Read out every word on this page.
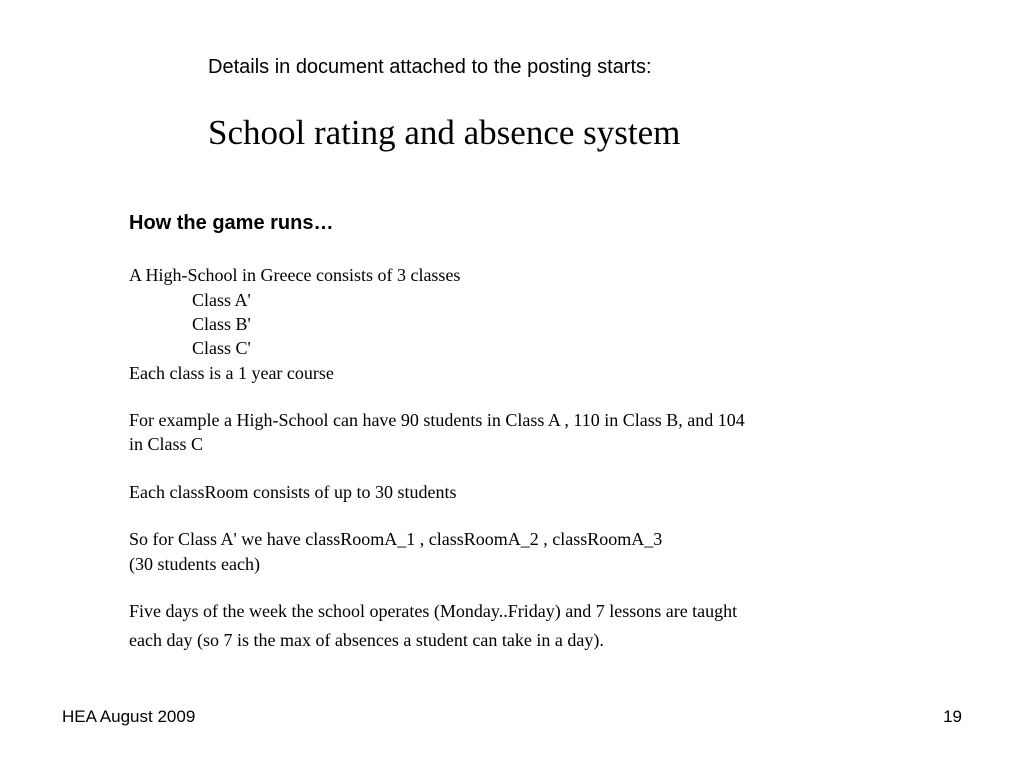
Details in document attached to the posting starts:
School rating and absence system
How the game runs…
A High-School in Greece consists of 3 classes
Class A'
Class B'
Class C'
Each class is a 1 year course
For example a High-School can have 90 students in Class A , 110 in Class B, and 104
in Class C
Each classRoom consists of up to 30 students
So for Class A' we have classRoomA_1 , classRoomA_2 , classRoomA_3
(30 students each)
Five days of the week the school operates (Monday..Friday) and 7 lessons are taught
each day (so 7 is the max of absences a student can take in a day).
HEA August 2009	19
